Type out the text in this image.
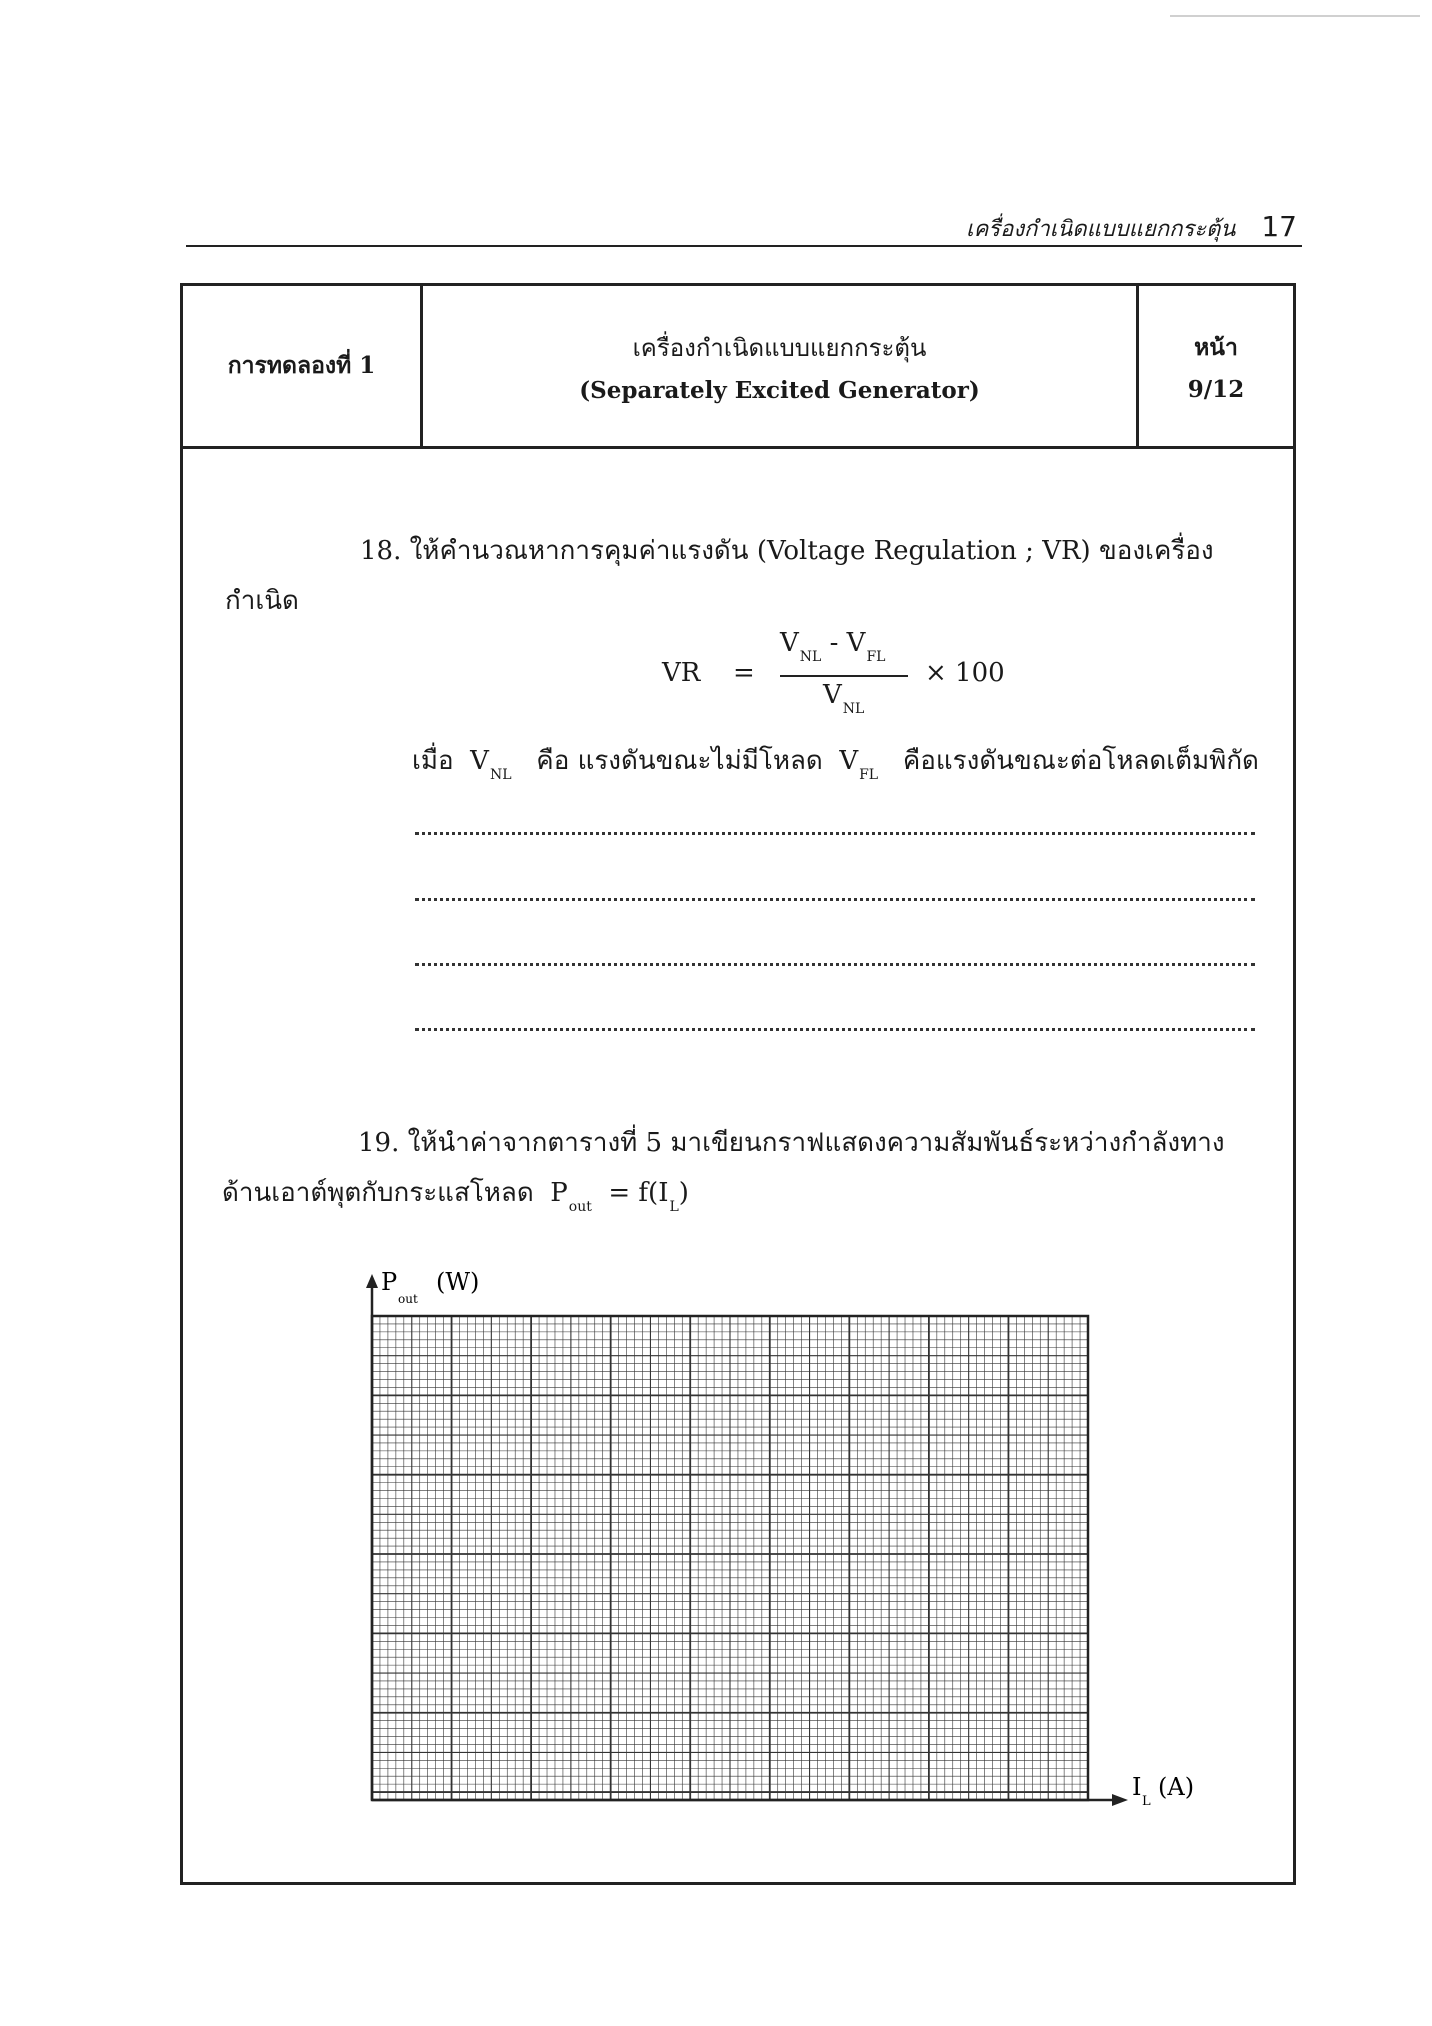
เครื่องกำเนิดแบบแยกกระตุ้น 17
การทดลองที่ 1
เครื่องกำเนิดแบบแยกกระตุ้น
(Separately Excited Generator)
หน้า
9/12
18. ให้คำนวณหาการคุมค่าแรงดัน (Voltage Regulation ; VR) ของเครื่อง
กำเนิด
VR =
$V_{NL} - V_{FL}$
$V_{NL}$
× 100
เมื่อ $V_{NL}$ คือ แรงดันขณะไม่มีโหลด $V_{FL}$ คือแรงดันขณะต่อโหลดเต็มพิกัด
19. ให้นำค่าจากตารางที่ 5 มาเขียนกราฟแสดงความสัมพันธ์ระหว่างกำลังทาง
ด้านเอาต์พุตกับกระแสโหลด $P_{out} = f(I_L)$
P
out
(W)
I
L
(A)
